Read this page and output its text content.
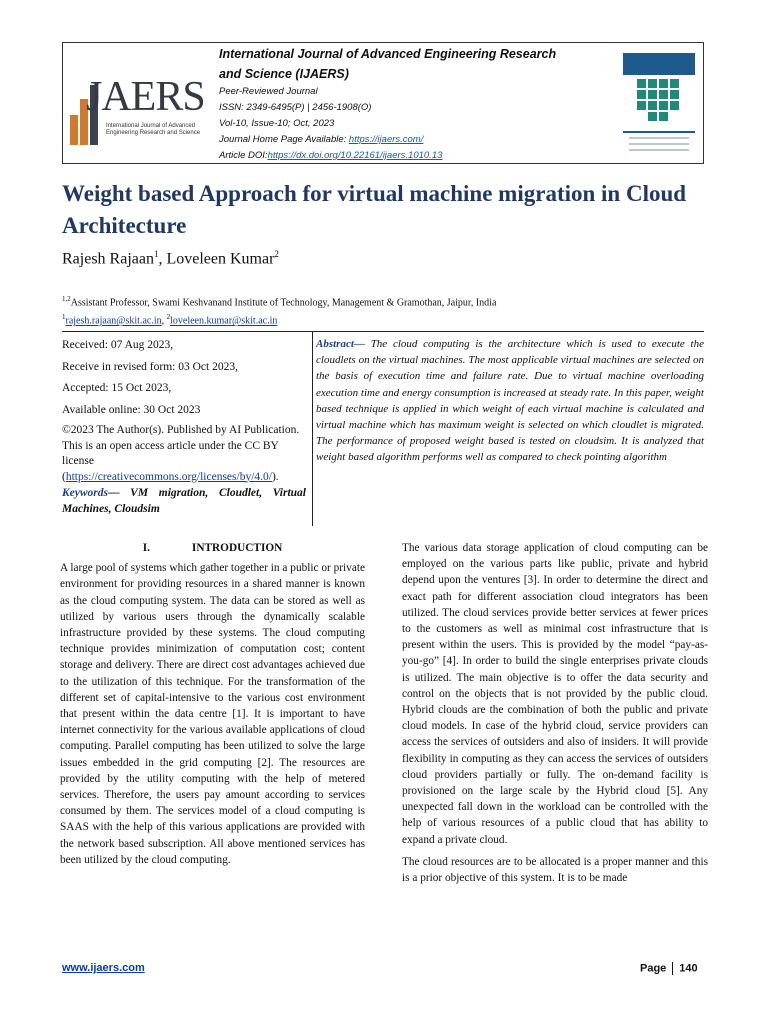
JAERS
International Journal of Advanced Engineering Research and Science
International Journal of Advanced Engineering Research
and Science (IJAERS)
Peer-Reviewed Journal
ISSN: 2349-6495(P) | 2456-1908(O)
Vol-10, Issue-10; Oct, 2023
Journal Home Page Available: https://ijaers.com/
Article DOI:https://dx.doi.org/10.22161/ijaers.1010.13
Weight based Approach for virtual machine migration in Cloud Architecture
Rajesh Rajaan$^1$, Loveleen Kumar$^2$
$^{1,2}$Assistant Professor, Swami Keshvanand Institute of Technology, Management & Gramothan, Jaipur, India
$^1$rajesh.rajaan@skit.ac.in, $^2$loveleen.kumar@skit.ac.in

Received: 07 Aug 2023,

Receive in revised form: 03 Oct 2023,

Accepted: 15 Oct 2023,

Available online: 30 Oct 2023

©2023 The Author(s). Published by AI Publication. This is an open access article under the CC BY license (https://creativecommons.org/licenses/by/4.0/).

Keywords— VM migration, Cloudlet, Virtual Machines, Cloudsim

Abstract— The cloud computing is the architecture which is used to execute the cloudlets on the virtual machines. The most applicable virtual machines are selected on the basis of execution time and failure rate. Due to virtual machine overloading execution time and energy consumption is increased at steady rate. In this paper, weight based technique is applied in which weight of each virtual machine is calculated and virtual machine which has maximum weight is selected on which cloudlet is migrated. The performance of proposed weight based is tested on cloudsim. It is analyzed that weight based algorithm performs well as compared to check pointing algorithm
I.	INTRODUCTION

A large pool of systems which gather together in a public or private environment for providing resources in a shared manner is known as the cloud computing system. The data can be stored as well as utilized by various users through the dynamically scalable infrastructure provided by these systems. The cloud computing technique provides minimization of computation cost; content storage and delivery. There are direct cost advantages achieved due to the utilization of this technique. For the transformation of the different set of capital-intensive to the various cost environment that present within the data centre [1]. It is important to have internet connectivity for the various available applications of cloud computing. Parallel computing has been utilized to solve the large issues embedded in the grid computing [2]. The resources are provided by the utility computing with the help of metered services. Therefore, the users pay amount according to services consumed by them. The services model of a cloud computing is SAAS with the help of this various applications are provided with the network based subscription. All above mentioned services has been utilized by the cloud computing.

The various data storage application of cloud computing can be employed on the various parts like public, private and hybrid depend upon the ventures [3]. In order to determine the direct and exact path for different association cloud integrators has been utilized. The cloud services provide better services at fewer prices to the customers as well as minimal cost infrastructure that is present within the users. This is provided by the model “pay-as-you-go” [4]. In order to build the single enterprises private clouds is utilized. The main objective is to offer the data security and control on the objects that is not provided by the public cloud. Hybrid clouds are the combination of both the public and private cloud models. In case of the hybrid cloud, service providers can access the services of outsiders and also of insiders. It will provide flexibility in computing as they can access the services of outsiders cloud providers partially or fully. The on-demand facility is provisioned on the large scale by the Hybrid cloud [5]. Any unexpected fall down in the workload can be controlled with the help of various resources of a public cloud that has ability to expand a private cloud.

The cloud resources are to be allocated is a proper manner and this is a prior objective of this system. It is to be made

www.ijaers.com	Page 140
